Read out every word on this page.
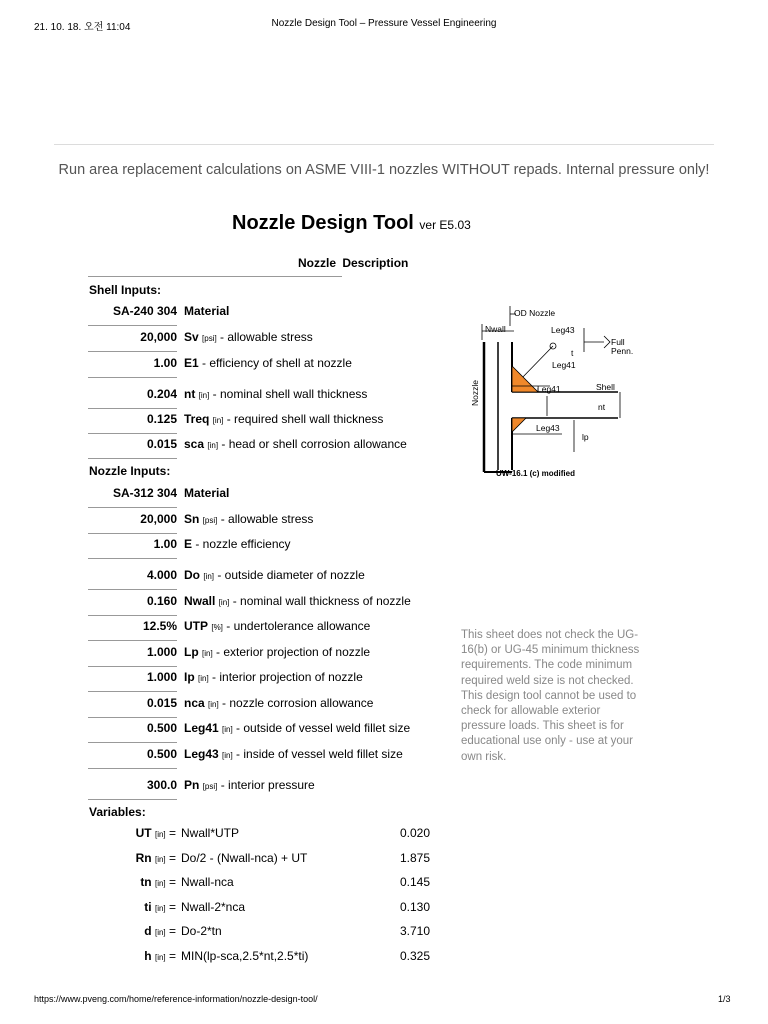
21. 10. 18. 오전 11:04	Nozzle Design Tool – Pressure Vessel Engineering
Run area replacement calculations on ASME VIII-1 nozzles WITHOUT repads. Internal pressure only!
Nozzle Design Tool ver E5.03
Nozzle Description
Shell Inputs:
SA-240 304 Material
20,000 Sv [psi] - allowable stress
1.00 E1 - efficiency of shell at nozzle
0.204 nt [in] - nominal shell wall thickness
0.125 Treq [in] - required shell wall thickness
0.015 sca [in] - head or shell corrosion allowance
Nozzle Inputs:
SA-312 304 Material
20,000 Sn [psi] - allowable stress
1.00 E - nozzle efficiency
4.000 Do [in] - outside diameter of nozzle
0.160 Nwall [in] - nominal wall thickness of nozzle
12.5% UTP [%] - undertolerance allowance
1.000 Lp [in] - exterior projection of nozzle
1.000 Ip [in] - interior projection of nozzle
0.015 nca [in] - nozzle corrosion allowance
0.500 Leg41 [in] - outside of vessel weld fillet size
0.500 Leg43 [in] - inside of vessel weld fillet size
300.0 Pn [psi] - interior pressure
Variables:
UT [in] = Nwall*UTP	0.020
Rn [in] = Do/2 - (Nwall-nca) + UT	1.875
tn [in] = Nwall-nca	0.145
ti [in] = Nwall-2*nca	0.130
d [in] = Do-2*tn	3.710
h [in] = MIN(lp-sca,2.5*nt,2.5*ti)	0.325
OD Nozzle
Nwall	Leg43
Full
Penn.
t
Leg41
Nozzle	Shell
nt
Leg41
Leg43
lp
UW-16.1 (c) modified
This sheet does not check the UG-16(b) or UG-45 minimum thickness requirements. The code minimum required weld size is not checked. This design tool cannot be used to check for allowable exterior pressure loads. This sheet is for educational use only - use at your own risk.
https://www.pveng.com/home/reference-information/nozzle-design-tool/	1/3
